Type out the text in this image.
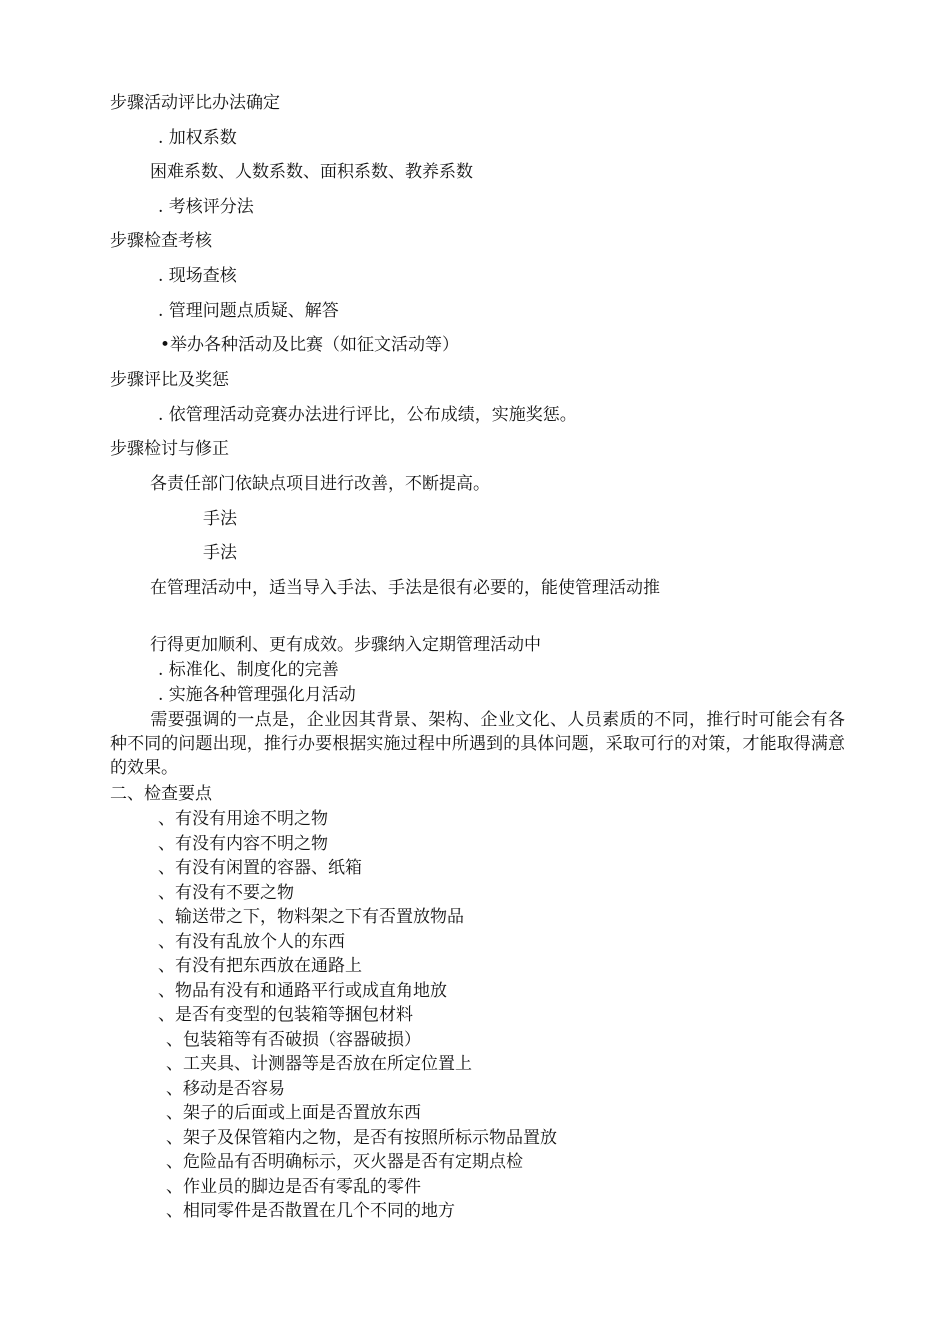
步骤活动评比办法确定
. 加权系数
困难系数、人数系数、面积系数、教养系数
. 考核评分法
步骤检查考核
. 现场查核
. 管理问题点质疑、解答
•举办各种活动及比赛（如征文活动等）
步骤评比及奖惩
. 依管理活动竞赛办法进行评比，公布成绩，实施奖惩。
步骤检讨与修正
各责任部门依缺点项目进行改善，不断提高。
手法
手法
在管理活动中，适当导入手法、手法是很有必要的，能使管理活动推
行得更加顺利、更有成效。步骤纳入定期管理活动中
. 标准化、制度化的完善
. 实施各种管理强化月活动
需要强调的一点是，企业因其背景、架构、企业文化、人员素质的不同，推行时可能会有各种不同的问题出现，推行办要根据实施过程中所遇到的具体问题，采取可行的对策，才能取得满意的效果。
二、检查要点
、有没有用途不明之物
、有没有内容不明之物
、有没有闲置的容器、纸箱
、有没有不要之物
、输送带之下，物料架之下有否置放物品
、有没有乱放个人的东西
、有没有把东西放在通路上
、物品有没有和通路平行或成直角地放
、是否有变型的包装箱等捆包材料
、包装箱等有否破损（容器破损）
、工夹具、计测器等是否放在所定位置上
、移动是否容易
、架子的后面或上面是否置放东西
、架子及保管箱内之物，是否有按照所标示物品置放
、危险品有否明确标示，灭火器是否有定期点检
、作业员的脚边是否有零乱的零件
、相同零件是否散置在几个不同的地方
